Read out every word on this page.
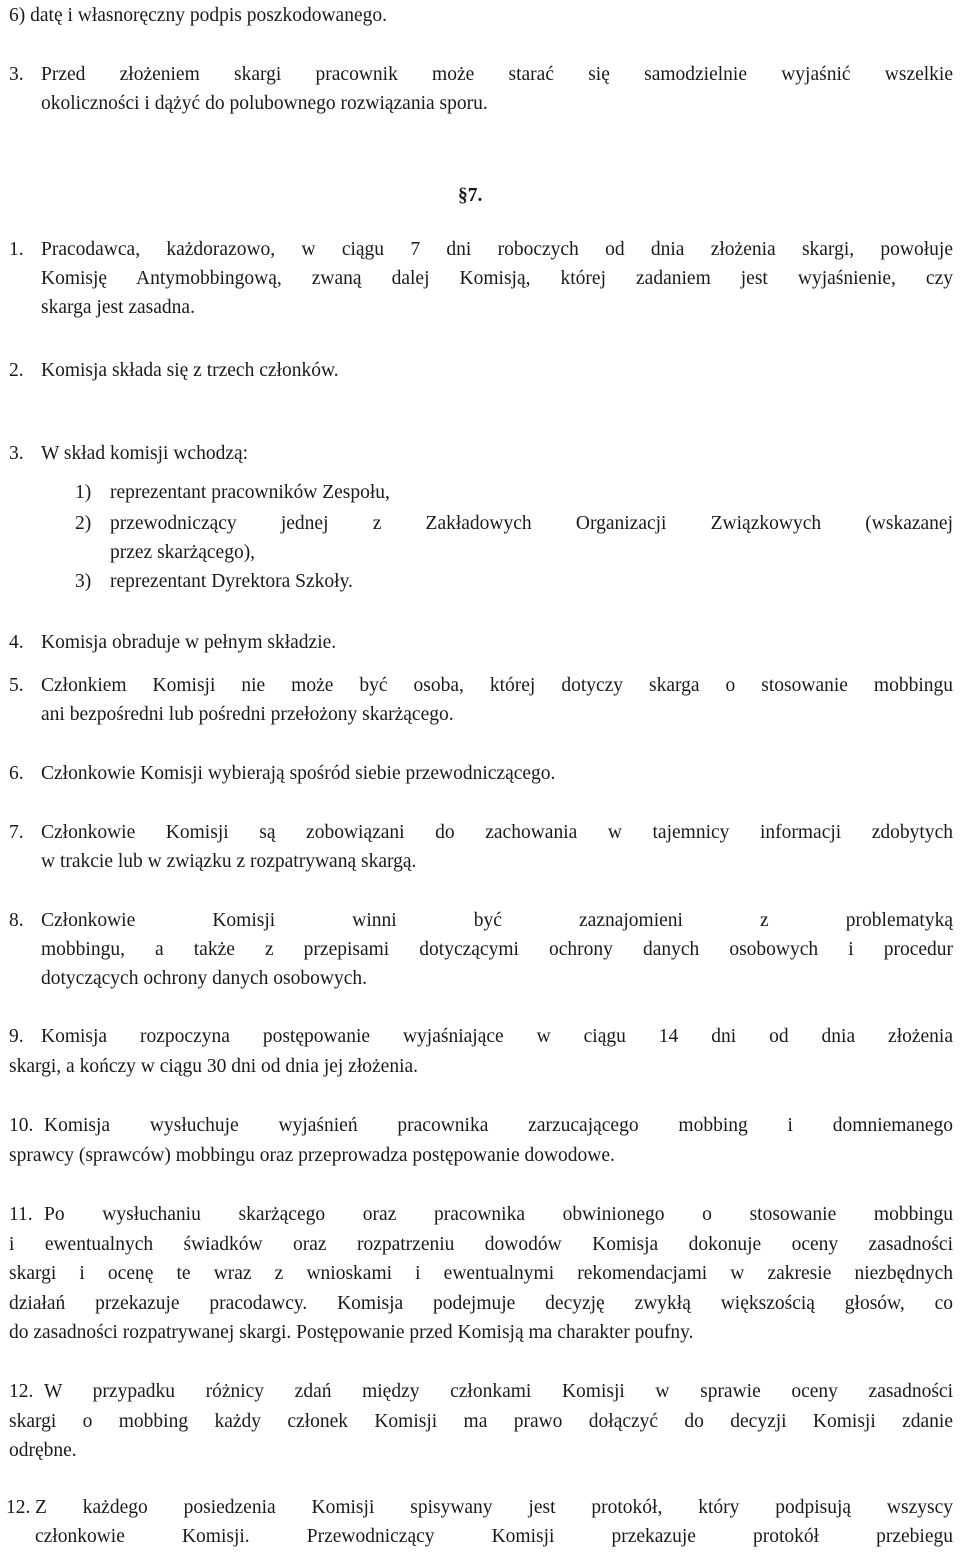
6) datę i własnoręczny podpis poszkodowanego.
3. Przed złożeniem skargi pracownik może starać się samodzielnie wyjaśnić wszelkie
okoliczności i dążyć do polubownego rozwiązania sporu.
§7.
1. Pracodawca, każdorazowo, w ciągu 7 dni roboczych od dnia złożenia skargi, powołuje
Komisję Antymobbingową, zwaną dalej Komisją, której zadaniem jest wyjaśnienie, czy
skarga jest zasadna.
2. Komisja składa się z trzech członków.
3. W skład komisji wchodzą:
1) reprezentant pracowników Zespołu,
2) przewodniczący jednej z Zakładowych Organizacji Związkowych (wskazanej
przez skarżącego),
3) reprezentant Dyrektora Szkoły.
4. Komisja obraduje w pełnym składzie.
5. Członkiem Komisji nie może być osoba, której dotyczy skarga o stosowanie mobbingu
ani bezpośredni lub pośredni przełożony skarżącego.
6. Członkowie Komisji wybierają spośród siebie przewodniczącego.
7. Członkowie Komisji są zobowiązani do zachowania w tajemnicy informacji zdobytych
w trakcie lub w związku z rozpatrywaną skargą.
8. Członkowie Komisji winni być zaznajomieni z problematyką
mobbingu, a także z przepisami dotyczącymi ochrony danych osobowych i procedur
dotyczących ochrony danych osobowych.
9. Komisja rozpoczyna postępowanie wyjaśniające w ciągu 14 dni od dnia złożenia
skargi, a kończy w ciągu 30 dni od dnia jej złożenia.
10. Komisja wysłuchuje wyjaśnień pracownika zarzucającego mobbing i domniemanego
sprawcy (sprawców) mobbingu oraz przeprowadza postępowanie dowodowe.
11. Po wysłuchaniu skarżącego oraz pracownika obwinionego o stosowanie mobbingu
i ewentualnych świadków oraz rozpatrzeniu dowodów Komisja dokonuje oceny zasadności
skargi i ocenę te wraz z wnioskami i ewentualnymi rekomendacjami w zakresie niezbędnych
działań przekazuje pracodawcy. Komisja podejmuje decyzję zwykłą większością głosów, co
do zasadności rozpatrywanej skargi. Postępowanie przed Komisją ma charakter poufny.
12. W przypadku różnicy zdań między członkami Komisji w sprawie oceny zasadności
skargi o mobbing każdy członek Komisji ma prawo dołączyć do decyzji Komisji zdanie
odrębne.
12. Z każdego posiedzenia Komisji spisywany jest protokół, który podpisują wszyscy
członkowie Komisji. Przewodniczący Komisji przekazuje protokół przebiegu
